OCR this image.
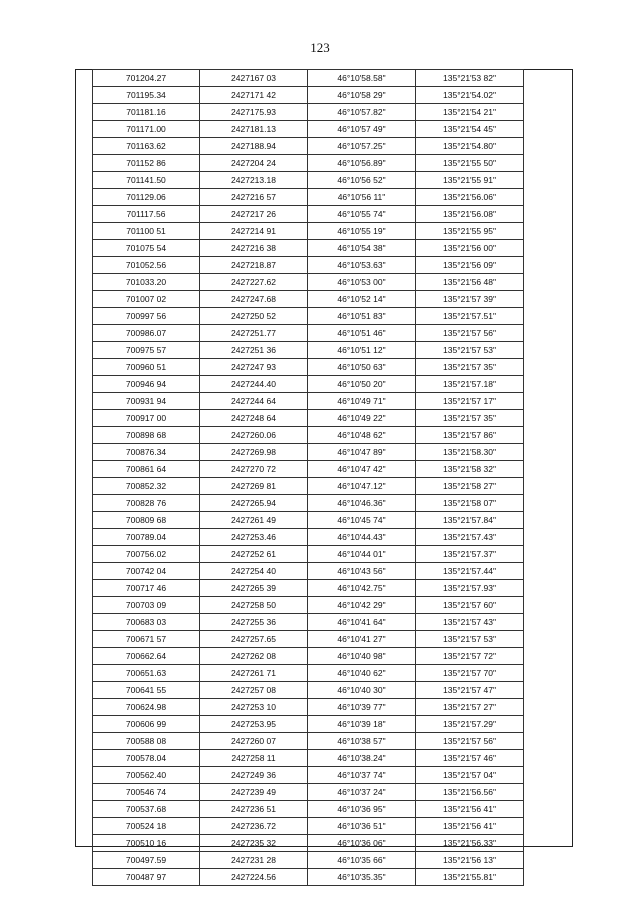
123
701204.27	2427167 03	46°10'58.58"	135°21'53 82"
701195.34	2427171 42	46°10'58 29"	135°21'54.02"
701181.16	2427175.93	46°10'57.82"	135°21'54 21"
701171.00	2427181.13	46°10'57 49"	135°21'54 45"
701163.62	2427188.94	46°10'57.25"	135°21'54.80"
701152 86	2427204 24	46°10'56.89"	135°21'55 50"
701141.50	2427213.18	46°10'56 52"	135°21'55 91"
701129.06	2427216 57	46°10'56 11"	135°21'56.06"
701117.56	2427217 26	46°10'55 74"	135°21'56.08"
701100 51	2427214 91	46°10'55 19"	135°21'55 95"
701075 54	2427216 38	46°10'54 38"	135°21'56 00"
701052.56	2427218.87	46°10'53.63"	135°21'56 09"
701033.20	2427227.62	46°10'53 00"	135°21'56 48"
701007 02	2427247.68	46°10'52 14"	135°21'57 39"
700997 56	2427250 52	46°10'51 83"	135°21'57.51"
700986.07	2427251.77	46°10'51 46"	135°21'57 56"
700975 57	2427251 36	46°10'51 12"	135°21'57 53"
700960 51	2427247 93	46°10'50 63"	135°21'57 35"
700946 94	2427244.40	46°10'50 20"	135°21'57.18"
700931 94	2427244 64	46°10'49 71"	135°21'57 17"
700917 00	2427248 64	46°10'49 22"	135°21'57 35"
700898 68	2427260.06	46°10'48 62"	135°21'57 86"
700876.34	2427269.98	46°10'47 89"	135°21'58.30"
700861 64	2427270 72	46°10'47 42"	135°21'58 32"
700852.32	2427269 81	46°10'47.12"	135°21'58 27"
700828 76	2427265.94	46°10'46.36"	135°21'58 07"
700809 68	2427261 49	46°10'45 74"	135°21'57.84"
700789.04	2427253.46	46°10'44.43"	135°21'57.43"
700756.02	2427252 61	46°10'44 01"	135°21'57.37"
700742 04	2427254 40	46°10'43 56"	135°21'57.44"
700717 46	2427265 39	46°10'42.75"	135°21'57.93"
700703 09	2427258 50	46°10'42 29"	135°21'57 60"
700683 03	2427255 36	46°10'41 64"	135°21'57 43"
700671 57	2427257.65	46°10'41 27"	135°21'57 53"
700662.64	2427262 08	46°10'40 98"	135°21'57 72"
700651.63	2427261 71	46°10'40 62"	135°21'57 70"
700641 55	2427257 08	46°10'40 30"	135°21'57 47"
700624.98	2427253 10	46°10'39 77"	135°21'57 27"
700606 99	2427253.95	46°10'39 18"	135°21'57.29"
700588 08	2427260 07	46°10'38 57"	135°21'57 56"
700578.04	2427258 11	46°10'38.24"	135°21'57 46"
700562.40	2427249 36	46°10'37 74"	135°21'57 04"
700546 74	2427239 49	46°10'37 24"	135°21'56.56"
700537.68	2427236 51	46°10'36 95"	135°21'56 41"
700524 18	2427236.72	46°10'36 51"	135°21'56 41"
700510 16	2427235 32	46°10'36 06"	135°21'56.33"
700497.59	2427231 28	46°10'35 66"	135°21'56 13"
700487 97	2427224.56	46°10'35.35"	135°21'55.81"
